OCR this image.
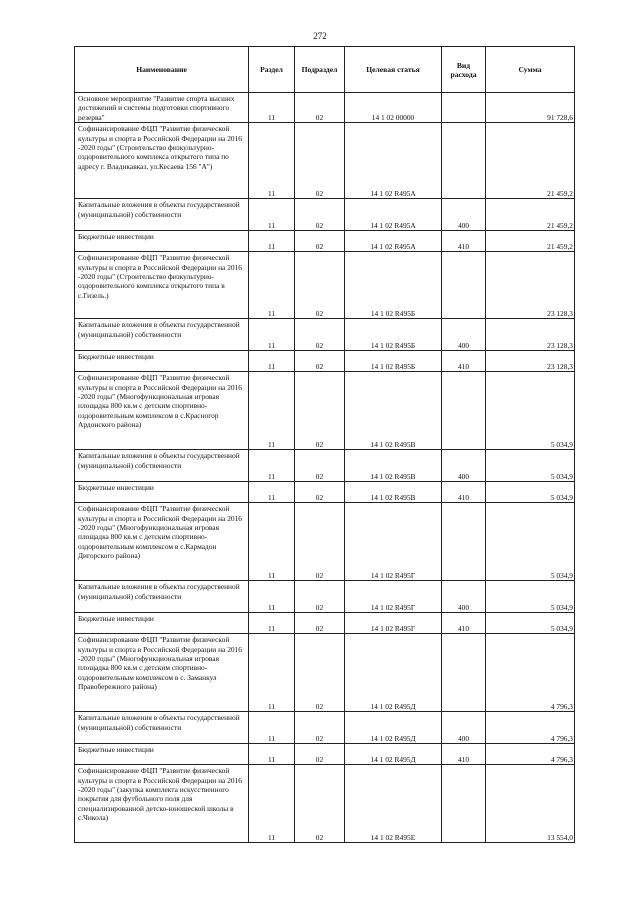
272
Наименование	Раздел	Подраздел	Целевая статья	Вид расхода	Сумма
Основное мероприятие "Развитие спорта высших достижений и системы подготовки спортивного резерва"	11	02	14 1 02 00000		91 728,6
Софинансирование ФЦП "Развитие физической культуры и спорта в Российской Федерации на 2016 -2020 годы" (Строительство физкультурно-оздоровительного комплекса открытого типа по адресу г. Владикавказ, ул.Кесаева 156 "А")	11	02	14 1 02 R495А		21 459,2
Капитальные вложения в объекты государственной (муниципальной) собственности	11	02	14 1 02 R495А	400	21 459,2
Бюджетные инвестиции	11	02	14 1 02 R495А	410	21 459,2
Софинансирование ФЦП "Развитие физической культуры и спорта в Российской Федерации на 2016 -2020 годы" (Строительство физкультурно-оздоровительного комплекса открытого типа в с.Гизель.)	11	02	14 1 02 R495Б		23 128,3
Капитальные вложения в объекты государственной (муниципальной) собственности	11	02	14 1 02 R495Б	400	23 128,3
Бюджетные инвестиции	11	02	14 1 02 R495Б	410	23 128,3
Софинансирование ФЦП "Развитие физической культуры и спорта в Российской Федерации на 2016 -2020 годы" (Многофункциональная игровая площадка 800 кв.м с детским спортивно-оздоровительным комплексом в с.Красногор Ардонского района)	11	02	14 1 02 R495В		5 034,9
Капитальные вложения в объекты государственной (муниципальной) собственности	11	02	14 1 02 R495В	400	5 034,9
Бюджетные инвестиции	11	02	14 1 02 R495В	410	5 034,9
Софинансирование ФЦП "Развитие физической культуры и спорта в Российской Федерации на 2016 -2020 годы" (Многофункциональная игровая площадка 800 кв.м с детским спортивно-оздоровительным комплексом в с.Кармадон Дигорского района)	11	02	14 1 02 R495Г		5 034,9
Капитальные вложения в объекты государственной (муниципальной) собственности	11	02	14 1 02 R495Г	400	5 034,9
Бюджетные инвестиции	11	02	14 1 02 R495Г	410	5 034,9
Софинансирование ФЦП "Развитие физической культуры и спорта в Российской Федерации на 2016 -2020 годы" (Многофункциональная игровая площадка 800 кв.м с детским спортивно-оздоровительным комплексом в с. Заманкул Правобережного района)	11	02	14 1 02 R495Д		4 796,3
Капитальные вложения в объекты государственной (муниципальной) собственности	11	02	14 1 02 R495Д	400	4 796,3
Бюджетные инвестиции	11	02	14 1 02 R495Д	410	4 796,3
Софинансирование ФЦП "Развитие физической культуры и спорта в Российской Федерации на 2016 -2020 годы" (закупка комплекта искусственного покрытия для футбольного поля для специализированной детско-юношеской школы в с.Чикола)	11	02	14 1 02 R495Е		13 554,0
